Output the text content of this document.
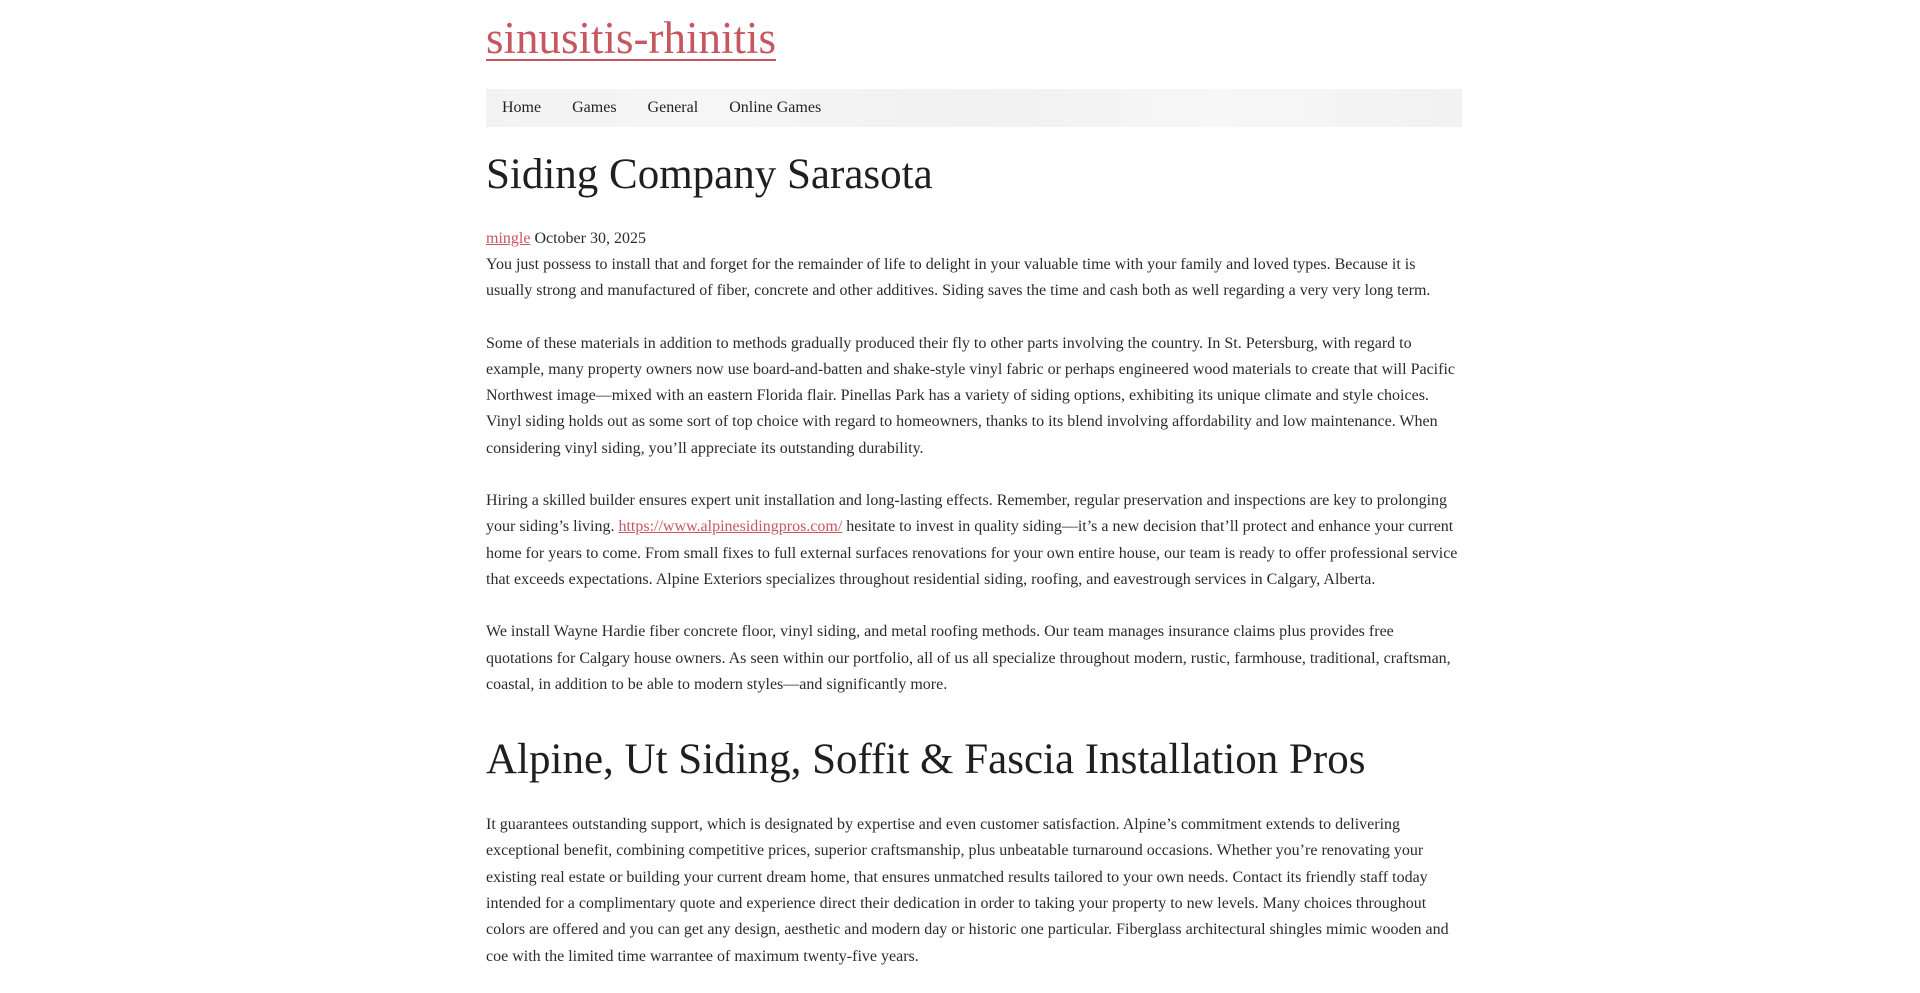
sinusitis-rhinitis
Home Games General Online Games
Siding Company Sarasota
mingle October 30, 2025

You just possess to install that and forget for the remainder of life to delight in your valuable time with your family and loved types. Because it is usually strong and manufactured of fiber, concrete and other additives. Siding saves the time and cash both as well regarding a very very long term.

Some of these materials in addition to methods gradually produced their fly to other parts involving the country. In St. Petersburg, with regard to example, many property owners now use board-and-batten and shake-style vinyl fabric or perhaps engineered wood materials to create that will Pacific Northwest image—mixed with an eastern Florida flair. Pinellas Park has a variety of siding options, exhibiting its unique climate and style choices. Vinyl siding holds out as some sort of top choice with regard to homeowners, thanks to its blend involving affordability and low maintenance. When considering vinyl siding, you’ll appreciate its outstanding durability.

Hiring a skilled builder ensures expert unit installation and long-lasting effects. Remember, regular preservation and inspections are key to prolonging your siding’s living. https://www.alpinesidingpros.com/ hesitate to invest in quality siding—it’s a new decision that’ll protect and enhance your current home for years to come. From small fixes to full external surfaces renovations for your own entire house, our team is ready to offer professional service that exceeds expectations. Alpine Exteriors specializes throughout residential siding, roofing, and eavestrough services in Calgary, Alberta.

We install Wayne Hardie fiber concrete floor, vinyl siding, and metal roofing methods. Our team manages insurance claims plus provides free quotations for Calgary house owners. As seen within our portfolio, all of us all specialize throughout modern, rustic, farmhouse, traditional, craftsman, coastal, in addition to be able to modern styles—and significantly more.

Alpine, Ut Siding, Soffit & Fascia Installation Pros

It guarantees outstanding support, which is designated by expertise and even customer satisfaction. Alpine’s commitment extends to delivering exceptional benefit, combining competitive prices, superior craftsmanship, plus unbeatable turnaround occasions. Whether you’re renovating your existing real estate or building your current dream home, that ensures unmatched results tailored to your own needs. Contact its friendly staff today intended for a complimentary quote and experience direct their dedication in order to taking your property to new levels. Many choices throughout colors are offered and you can get any design, aesthetic and modern day or historic one particular. Fiberglass architectural shingles mimic wooden and coe with the limited time warrantee of maximum twenty-five years.
